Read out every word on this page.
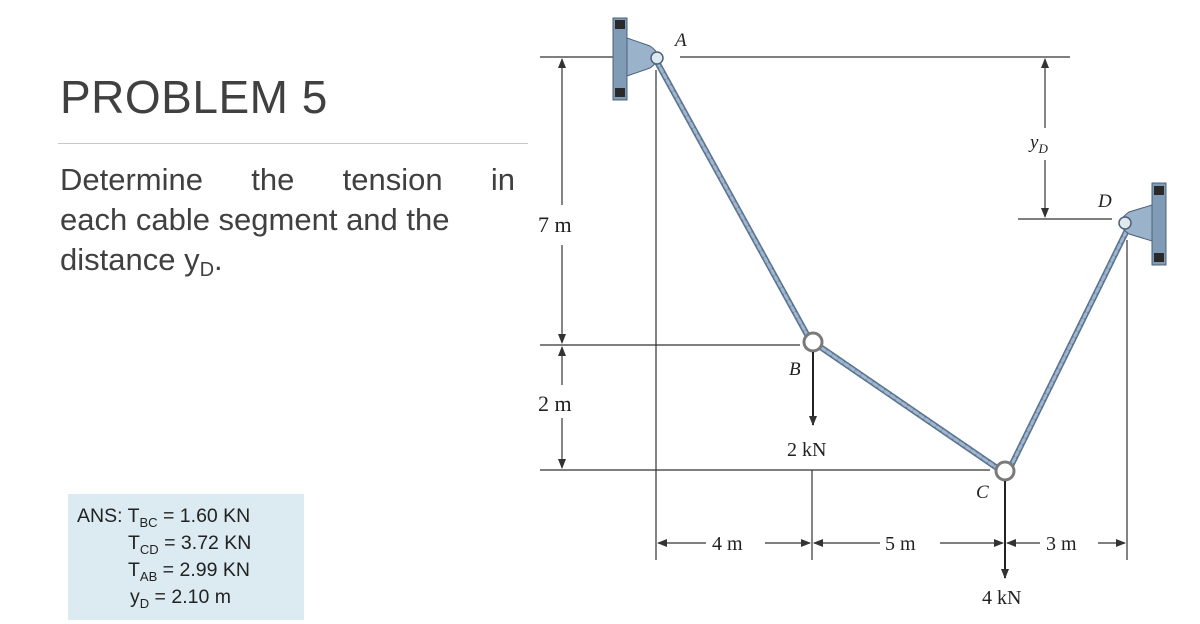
PROBLEM 5
Determine the tension in
each cable segment and the
distance $y_D$.
ANS: $T_{BC} = 1.60$ KN
$T_{CD} = 3.72$ KN
$T_{AB} = 2.99$ KN
$y_D = 2.10$ m
A
B
C
D
7 m
2 m
4 m	5 m	3 m
$y_D$
2 kN
4 kN
